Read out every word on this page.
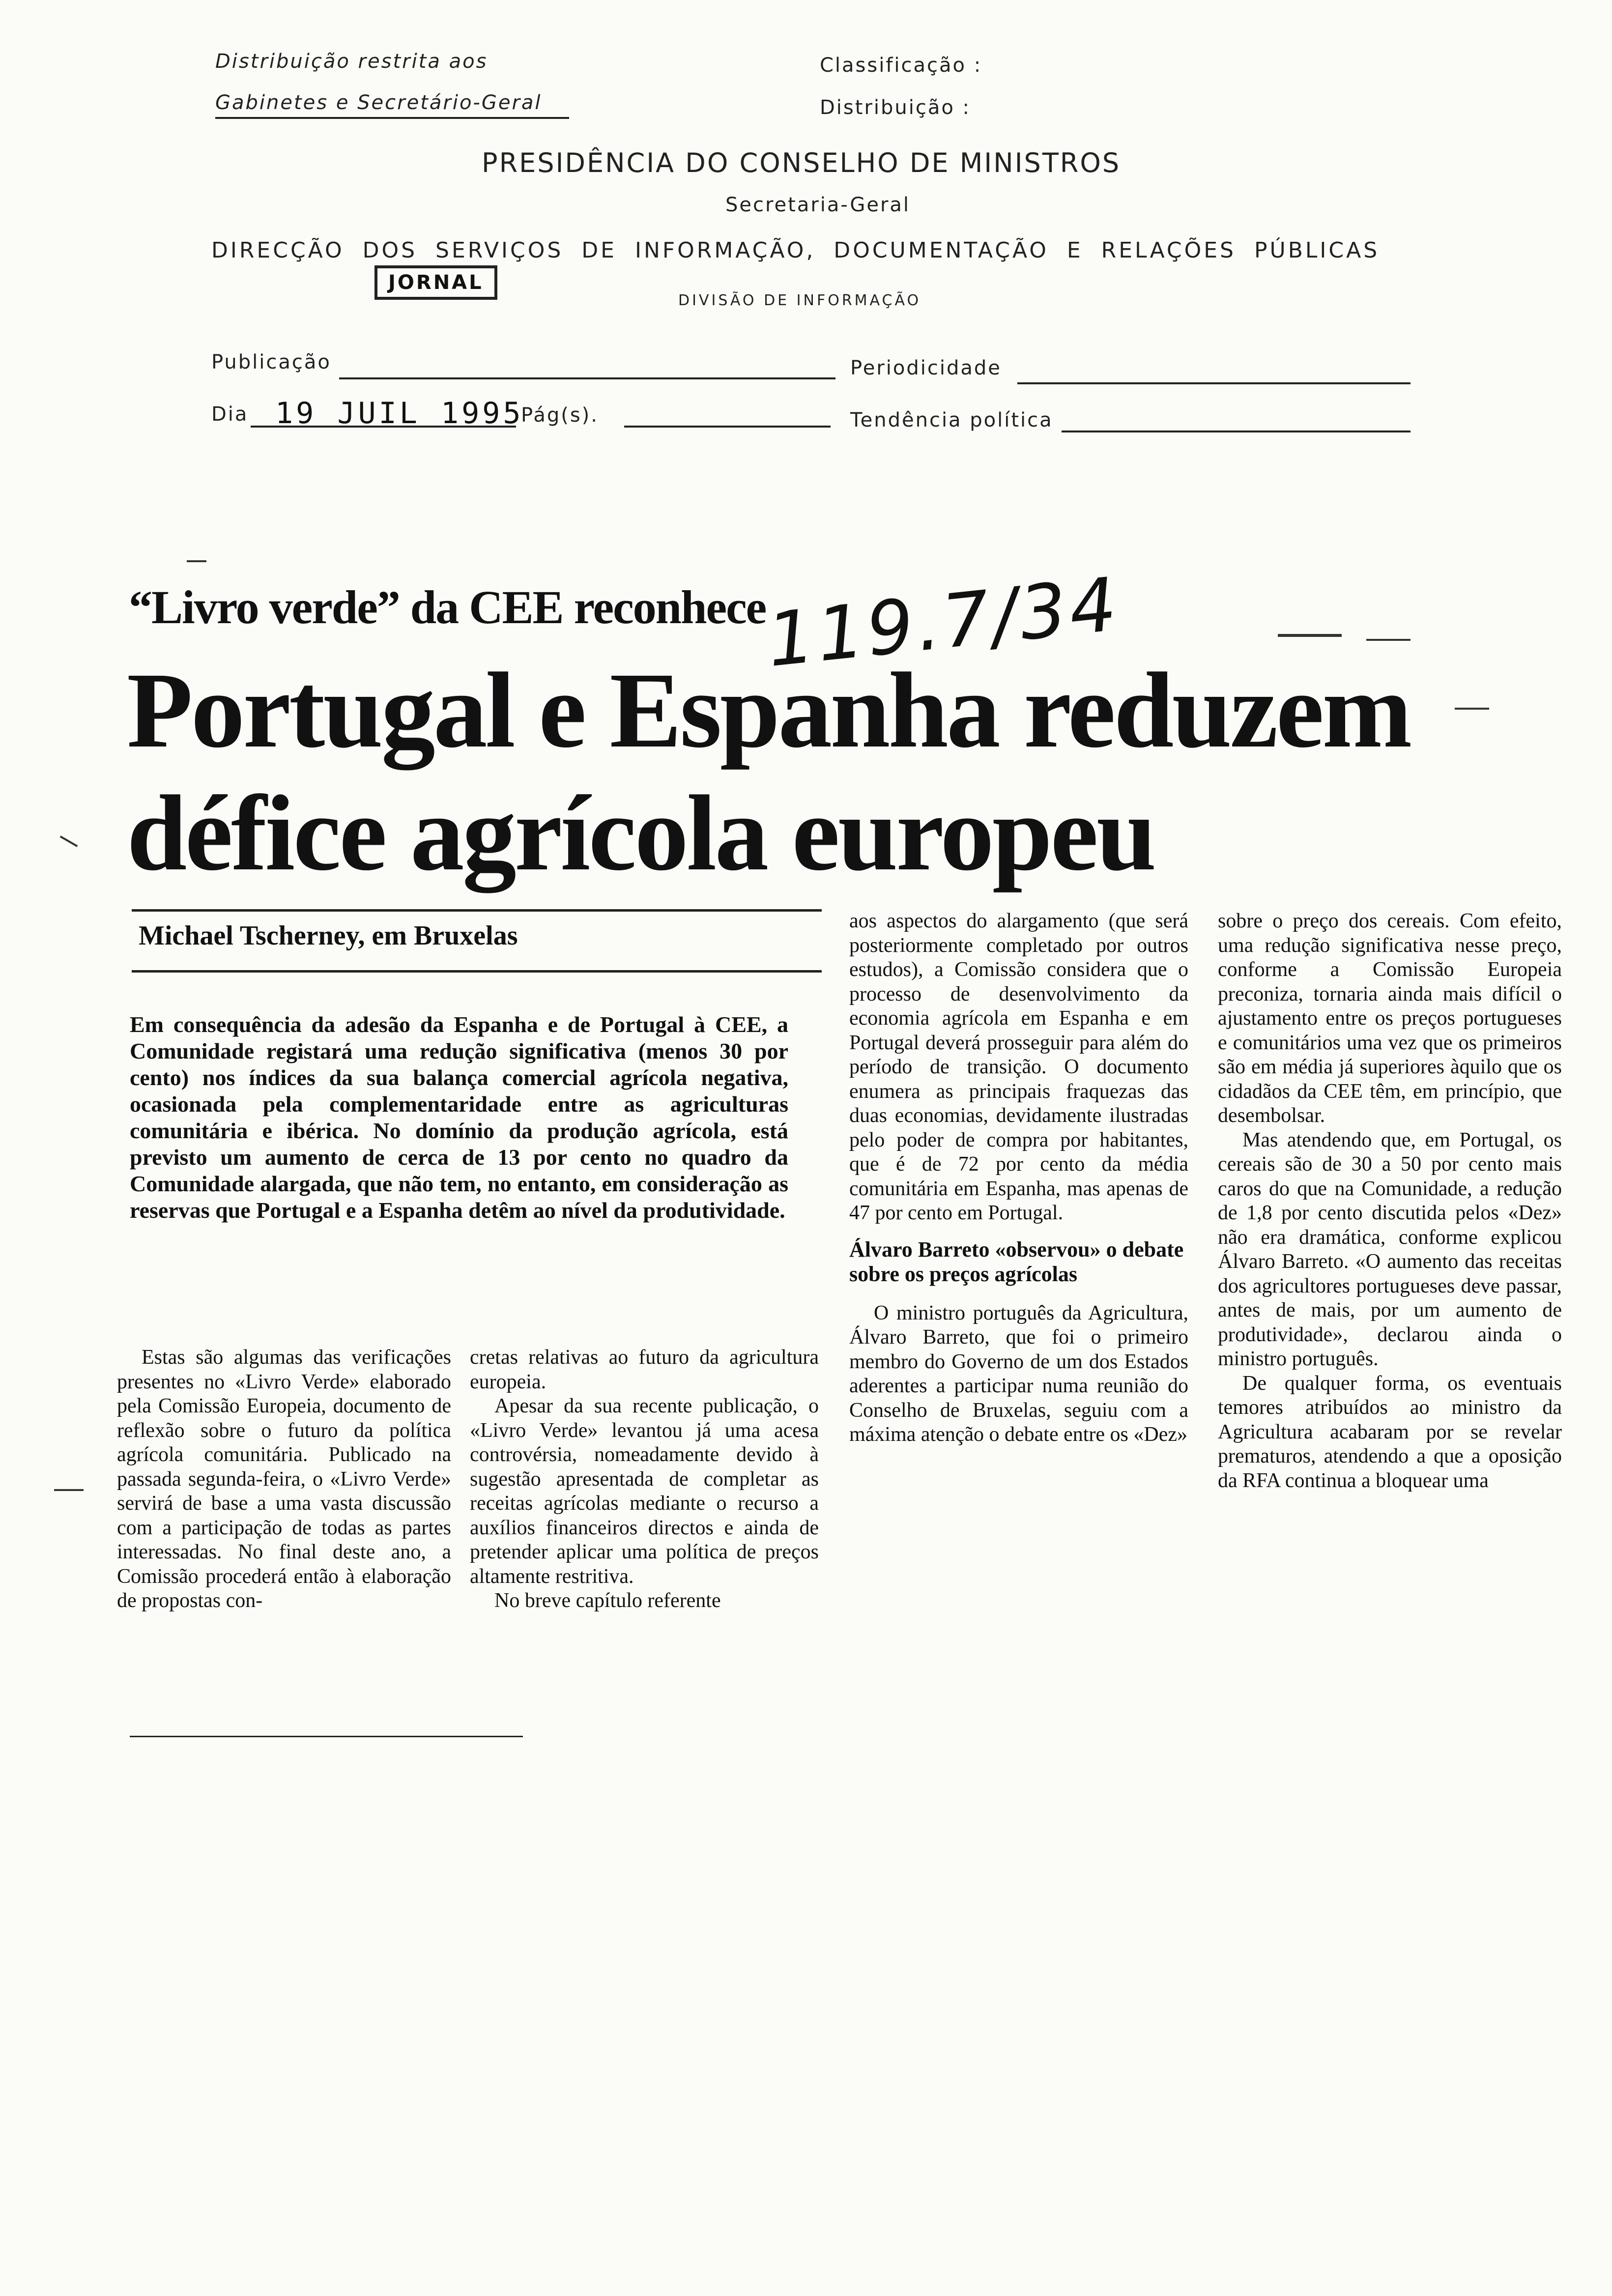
Distribuição restrita aos
Gabinetes e Secretário-Geral
Classificação :
Distribuição :
PRESIDÊNCIA DO CONSELHO DE MINISTROS
Secretaria-Geral
DIRECÇÃO DOS SERVIÇOS DE INFORMAÇÃO, DOCUMENTAÇÃO E RELAÇÕES PÚBLICAS
JORNAL
DIVISÃO DE INFORMAÇÃO
Publicação	Periodicidade
Dia 19 JUIL 1995
Pág(s).	Tendência política
“Livro verde” da CEE reconhece
119.7/34
Portugal e Espanha reduzem
défice agrícola europeu
Michael Tscherney, em Bruxelas
Em consequência da adesão da Espanha e de Portugal à CEE, a Comunidade registará uma redução significativa (menos 30 por cento) nos índices da sua balança comercial agrícola negativa, ocasionada pela complementaridade entre as agriculturas comunitária e ibérica. No domínio da produção agrícola, está previsto um aumento de cerca de 13 por cento no quadro da Comunidade alargada, que não tem, no entanto, em consideração as reservas que Portugal e a Espanha detêm ao nível da produtividade.

Estas são algumas das verificações presentes no «Livro Verde» elaborado pela Comissão Europeia, documento de reflexão sobre o futuro da política agrícola comunitária. Publicado na passada segunda-feira, o «Livro Verde» servirá de base a uma vasta discussão com a participação de todas as partes interessadas. No final deste ano, a Comissão procederá então à elaboração de propostas con-

cretas relativas ao futuro da agricultura europeia.

Apesar da sua recente publicação, o «Livro Verde» levantou já uma acesa controvérsia, nomeadamente devido à sugestão apresentada de completar as receitas agrícolas mediante o recurso a auxílios financeiros directos e ainda de pretender aplicar uma política de preços altamente restritiva.

No breve capítulo referente

aos aspectos do alargamento (que será posteriormente completado por outros estudos), a Comissão considera que o processo de desenvolvimento da economia agrícola em Espanha e em Portugal deverá prosseguir para além do período de transição. O documento enumera as principais fraquezas das duas economias, devidamente ilustradas pelo poder de compra por habitantes, que é de 72 por cento da média comunitária em Espanha, mas apenas de 47 por cento em Portugal.

Álvaro Barreto «observou» o debate sobre os preços agrícolas

O ministro português da Agricultura, Álvaro Barreto, que foi o primeiro membro do Governo de um dos Estados aderentes a participar numa reunião do Conselho de Bruxelas, seguiu com a máxima atenção o debate entre os «Dez»

sobre o preço dos cereais. Com efeito, uma redução significativa nesse preço, conforme a Comissão Europeia preconiza, tornaria ainda mais difícil o ajustamento entre os preços portugueses e comunitários uma vez que os primeiros são em média já superiores àquilo que os cidadãos da CEE têm, em princípio, que desembolsar.

Mas atendendo que, em Portugal, os cereais são de 30 a 50 por cento mais caros do que na Comunidade, a redução de 1,8 por cento discutida pelos «Dez» não era dramática, conforme explicou Álvaro Barreto. «O aumento das receitas dos agricultores portugueses deve passar, antes de mais, por um aumento de produtividade», declarou ainda o ministro português.

De qualquer forma, os eventuais temores atribuídos ao ministro da Agricultura acabaram por se revelar prematuros, atendendo a que a oposição da RFA continua a bloquear uma
